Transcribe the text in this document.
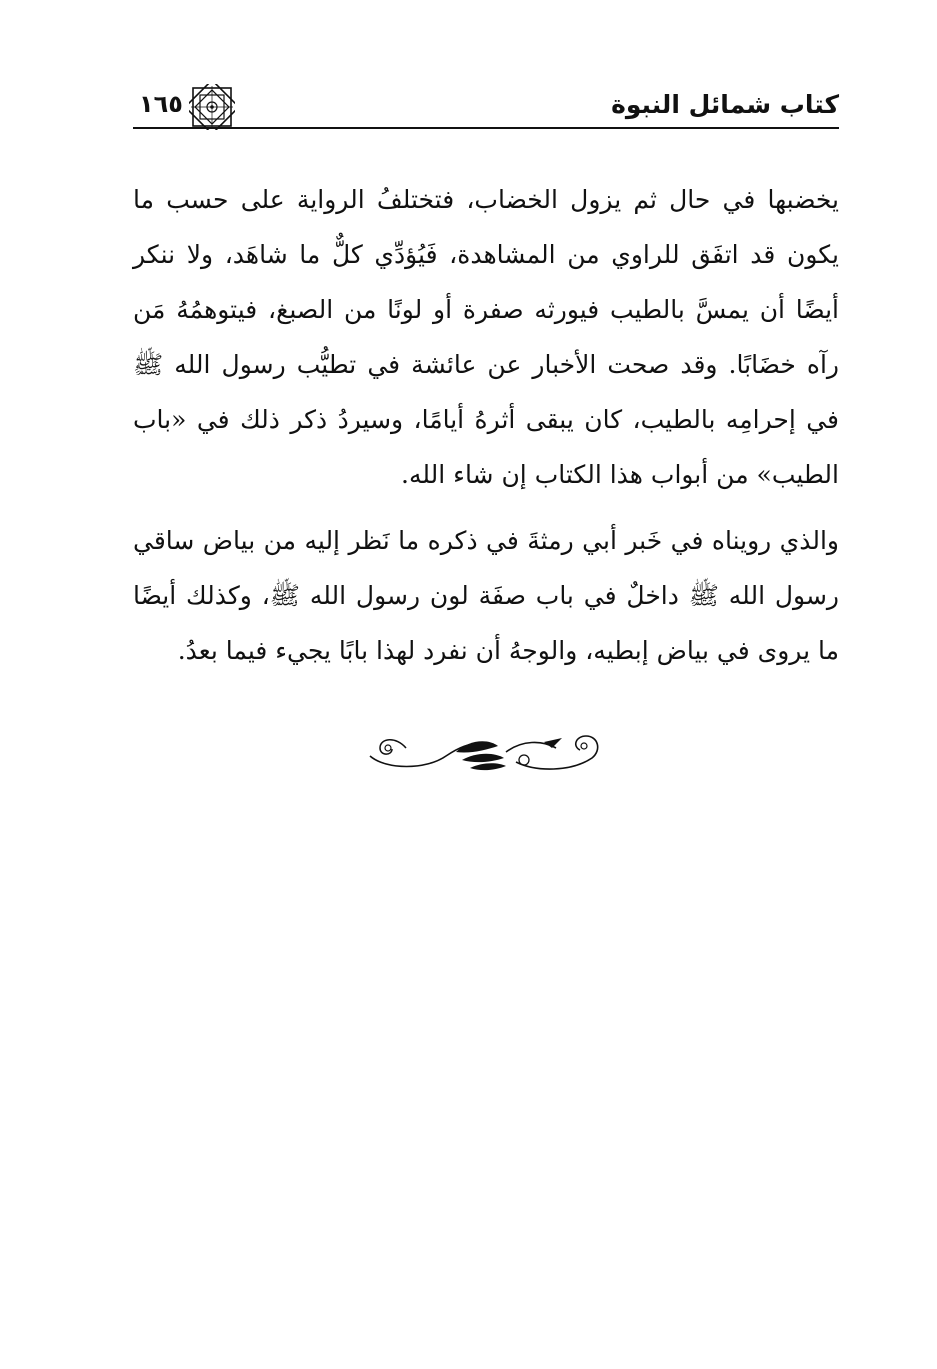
كتاب شمائل النبوة
١٦٥

يخضبها في حال ثم يزول الخضاب، فتختلفُ الرواية على حسب ما يكون قد اتفَق للراوي من المشاهدة، فَيُؤدِّي كلٌّ ما شاهَد، ولا ننكر أيضًا أن يمسَّ بالطيب فيورثه صفرة أو لونًا من الصبغ، فيتوهمُهُ مَن رآه خضَابًا. وقد صحت الأخبار عن عائشة في تطيُّب رسول الله ﷺ في إحرامِه بالطيب، كان يبقى أثرهُ أيامًا، وسيردُ ذكر ذلك في «باب الطيب» من أبواب هذا الكتاب إن شاء الله.

والذي رويناه في خَبر أبي رمثةَ في ذكره ما نَظر إليه من بياض ساقي رسول الله ﷺ داخلٌ في باب صفَة لون رسول الله ﷺ، وكذلك أيضًا ما يروى في بياض إبطيه، والوجهُ أن نفرد لهذا بابًا يجيء فيما بعدُ.
